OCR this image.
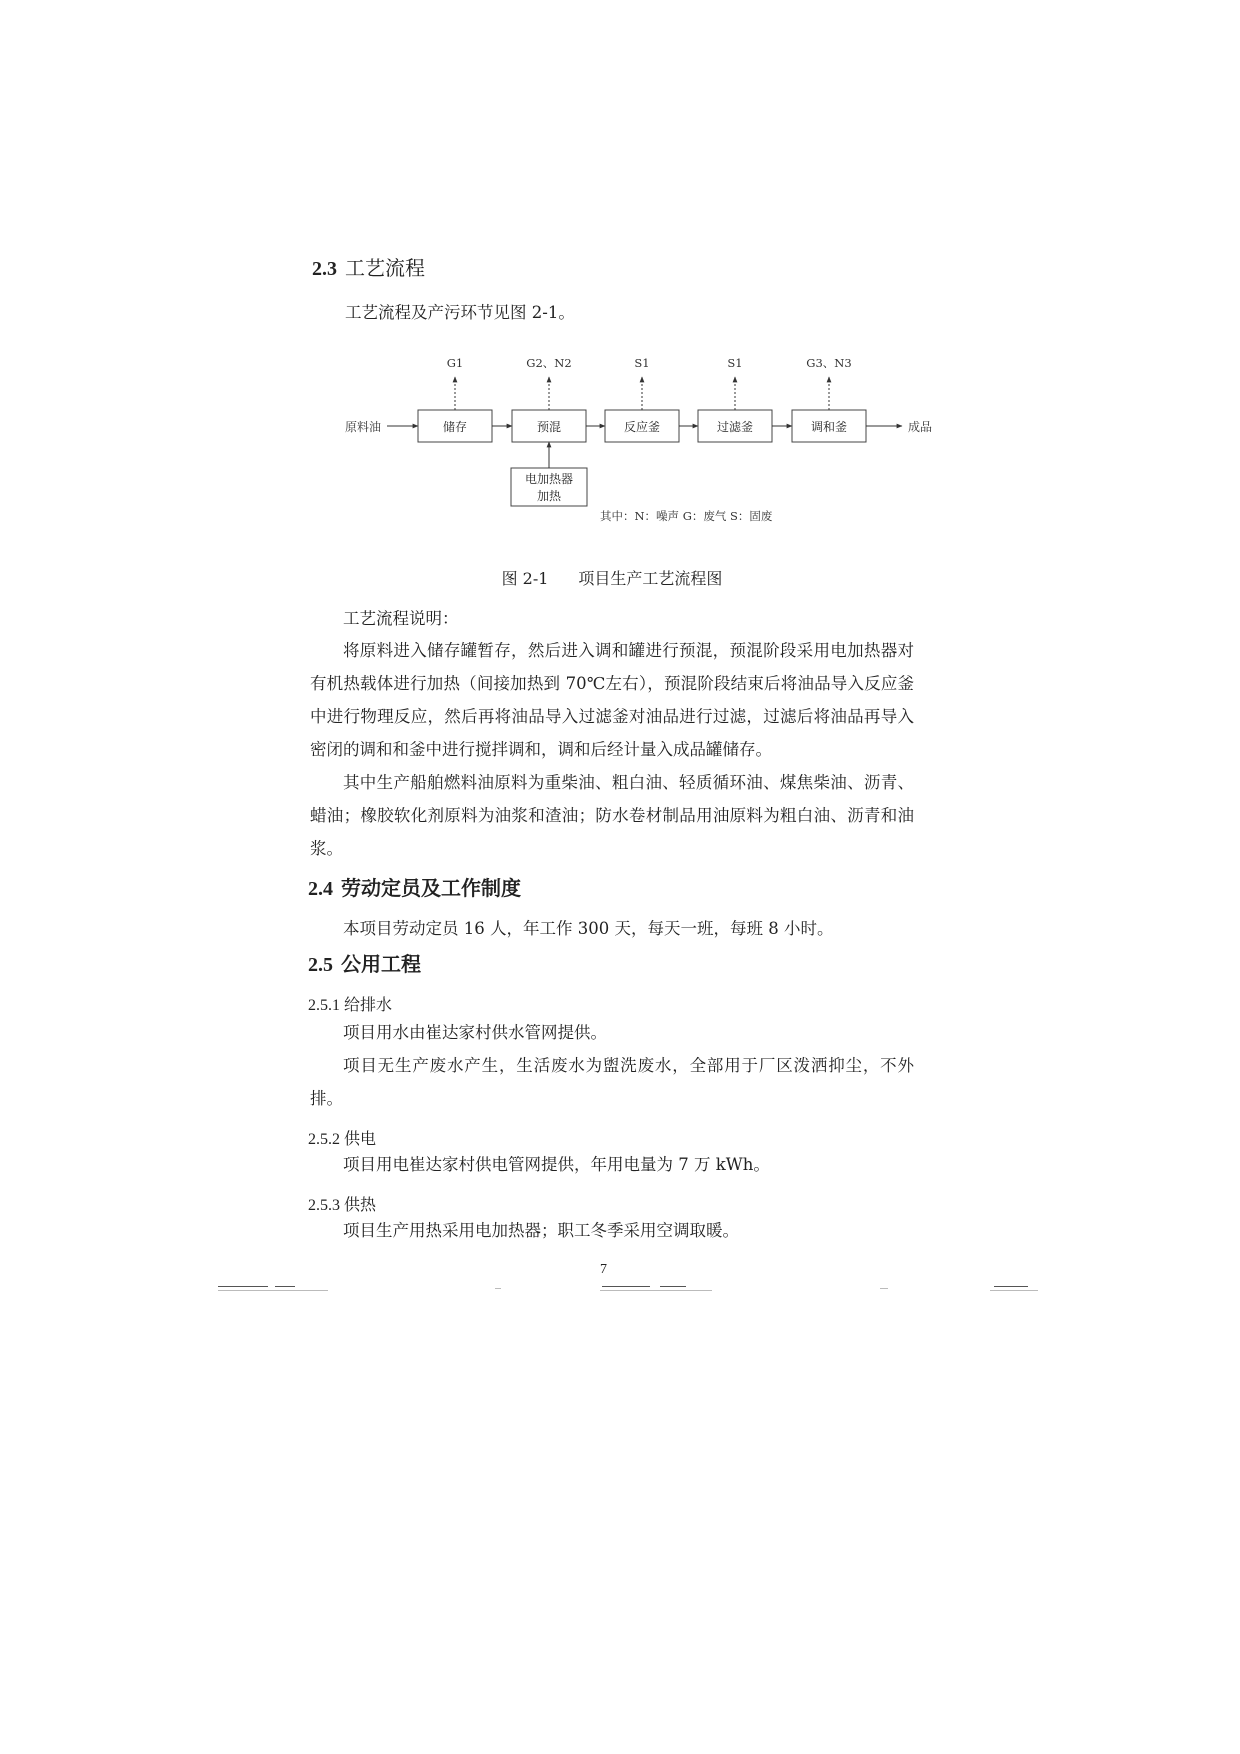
2.3 工艺流程
工艺流程及产污环节见图 2-1。
原料油	储存
G1
预混
G2、N2
反应釜
S1
过滤釜
S1
调和釜
G3、N3
成品
电加热器
加热
其中：N：噪声 G：废气 S：固废
图 2-1 项目生产工艺流程图
工艺流程说明：
将原料进入储存罐暂存，然后进入调和罐进行预混，预混阶段采用电加热器对有机热载体进行加热（间接加热到 70℃左右），预混阶段结束后将油品导入反应釜中进行物理反应，然后再将油品导入过滤釜对油品进行过滤，过滤后将油品再导入密闭的调和和釜中进行搅拌调和，调和后经计量入成品罐储存。
其中生产船舶燃料油原料为重柴油、粗白油、轻质循环油、煤焦柴油、沥青、蜡油；橡胶软化剂原料为油浆和渣油；防水卷材制品用油原料为粗白油、沥青和油浆。
2.4 劳动定员及工作制度
本项目劳动定员 16 人，年工作 300 天，每天一班，每班 8 小时。
2.5 公用工程
2.5.1 给排水
项目用水由崔达家村供水管网提供。
项目无生产废水产生，生活废水为盥洗废水，全部用于厂区泼洒抑尘，不外排。
2.5.2 供电
项目用电崔达家村供电管网提供，年用电量为 7 万 kWh。
2.5.3 供热
项目生产用热采用电加热器；职工冬季采用空调取暖。
7
